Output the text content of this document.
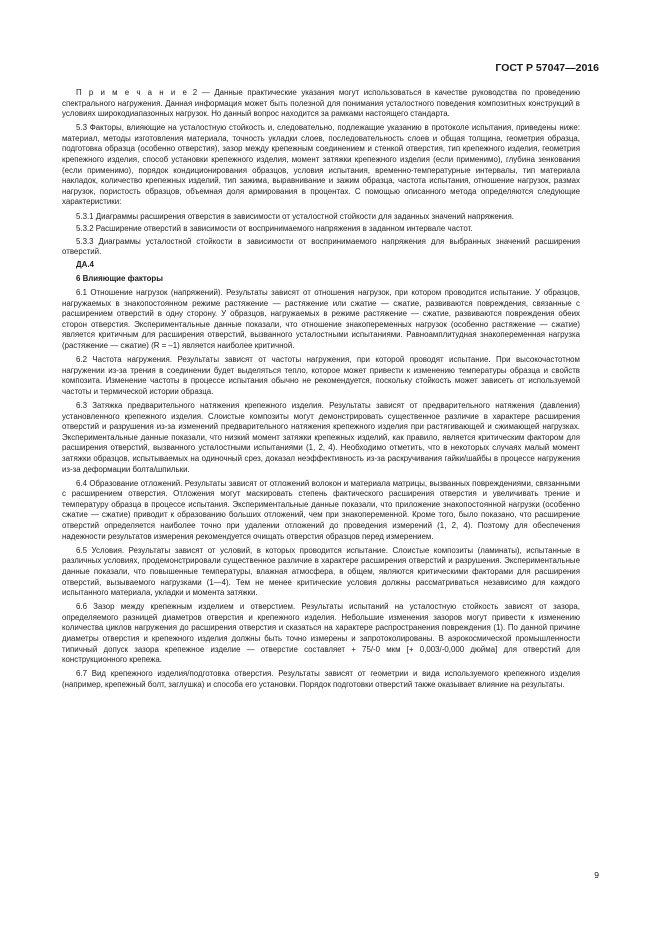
ГОСТ Р 57047—2016

П р и м е ч а н и е 2 — Данные практические указания могут использоваться в качестве руководства по проведению спектрального нагружения. Данная информация может быть полезной для понимания усталостного поведения композитных конструкций в условиях широкодиапазонных нагрузок. Но данный вопрос находится за рамками настоящего стандарта.

5.3 Факторы, влияющие на усталостную стойкость и, следовательно, подлежащие указанию в протоколе испытания, приведены ниже: материал, методы изготовления материала, точность укладки слоев, последовательность слоев и общая толщина, геометрия образца, подготовка образца (особенно отверстия), зазор между крепежным соединением и стенкой отверстия, тип крепежного изделия, геометрия крепежного изделия, способ установки крепежного изделия, момент затяжки крепежного изделия (если применимо), глубина зенкования (если применимо), порядок кондиционирования образцов, условия испытания, временно-температурные интервалы, тип материала накладок, количество крепежных изделий, тип зажима, выравнивание и зажим образца, частота испытания, отношение нагрузок, размах нагрузок, пористость образцов, объемная доля армирования в процентах. С помощью описанного метода определяются следующие характеристики:

5.3.1 Диаграммы расширения отверстия в зависимости от усталостной стойкости для заданных значений напряжения.

5.3.2 Расширение отверстий в зависимости от воспринимаемого напряжения в заданном интервале частот.

5.3.3 Диаграммы усталостной стойкости в зависимости от воспринимаемого напряжения для выбранных значений расширения отверстий.

ДА.4

6 Влияющие факторы

6.1 Отношение нагрузок (напряжений). Результаты зависят от отношения нагрузок, при котором проводится испытание. У образцов, нагружаемых в знакопостоянном режиме растяжение — растяжение или сжатие — сжатие, развиваются повреждения, связанные с расширением отверстий в одну сторону. У образцов, нагружаемых в режиме растяжение — сжатие, развиваются повреждения обеих сторон отверстия. Экспериментальные данные показали, что отношение знакопеременных нагрузок (особенно растяжение — сжатие) является критичным для расширения отверстий, вызванного усталостными испытаниями. Равноамплитудная знакопеременная нагрузка (растяжение — сжатие) (R = –1) является наиболее критичной.

6.2 Частота нагружения. Результаты зависят от частоты нагружения, при которой проводят испытание. При высокочастотном нагружении из-за трения в соединении будет выделяться тепло, которое может привести к изменению температуры образца и свойств композита. Изменение частоты в процессе испытания обычно не рекомендуется, поскольку стойкость может зависеть от используемой частоты и термической истории образца.

6.3 Затяжка предварительного натяжения крепежного изделия. Результаты зависят от предварительного натяжения (давления) установленного крепежного изделия. Слоистые композиты могут демонстрировать существенное различие в характере расширения отверстий и разрушения из-за изменений предварительного натяжения крепежного изделия при растягивающей и сжимающей нагрузках. Экспериментальные данные показали, что низкий момент затяжки крепежных изделий, как правило, является критическим фактором для расширения отверстий, вызванного усталостными испытаниями (1, 2, 4). Необходимо отметить, что в некоторых случаях малый момент затяжки образцов, испытываемых на одиночный срез, доказал неэффективность из-за раскручивания гайки/шайбы в процессе нагружения из-за деформации болта/шпильки.

6.4 Образование отложений. Результаты зависят от отложений волокон и материала матрицы, вызванных повреждениями, связанными с расширением отверстия. Отложения могут маскировать степень фактического расширения отверстия и увеличивать трение и температуру образца в процессе испытания. Экспериментальные данные показали, что приложение знакопостоянной нагрузки (особенно сжатие — сжатие) приводит к образованию больших отложений, чем при знакопеременной. Кроме того, было показано, что расширение отверстий определяется наиболее точно при удалении отложений до проведения измерений (1, 2, 4). Поэтому для обеспечения надежности результатов измерения рекомендуется очищать отверстия образцов перед измерением.

6.5 Условия. Результаты зависят от условий, в которых проводится испытание. Слоистые композиты (ламинаты), испытанные в различных условиях, продемонстрировали существенное различие в характере расширения отверстий и разрушения. Экспериментальные данные показали, что повышенные температуры, влажная атмосфера, в общем, являются критическими факторами для расширения отверстий, вызываемого нагрузками (1—4). Тем не менее критические условия должны рассматриваться независимо для каждого испытанного материала, укладки и момента затяжки.

6.6 Зазор между крепежным изделием и отверстием. Результаты испытаний на усталостную стойкость зависят от зазора, определяемого разницей диаметров отверстия и крепежного изделия. Небольшие изменения зазоров могут привести к изменению количества циклов нагружения до расширения отверстия и сказаться на характере распространения повреждения (1). По данной причине диаметры отверстия и крепежного изделия должны быть точно измерены и запротоколированы. В аэрокосмической промышленности типичный допуск зазора крепежное изделие — отверстие составляет + 75/-0 мкм [+ 0,003/-0,000 дюйма] для отверстий для конструкционного крепежа.

6.7 Вид крепежного изделия/подготовка отверстия. Результаты зависят от геометрии и вида используемого крепежного изделия (например, крепежный болт, заглушка) и способа его установки. Порядок подготовки отверстий также оказывает влияние на результаты.

9
